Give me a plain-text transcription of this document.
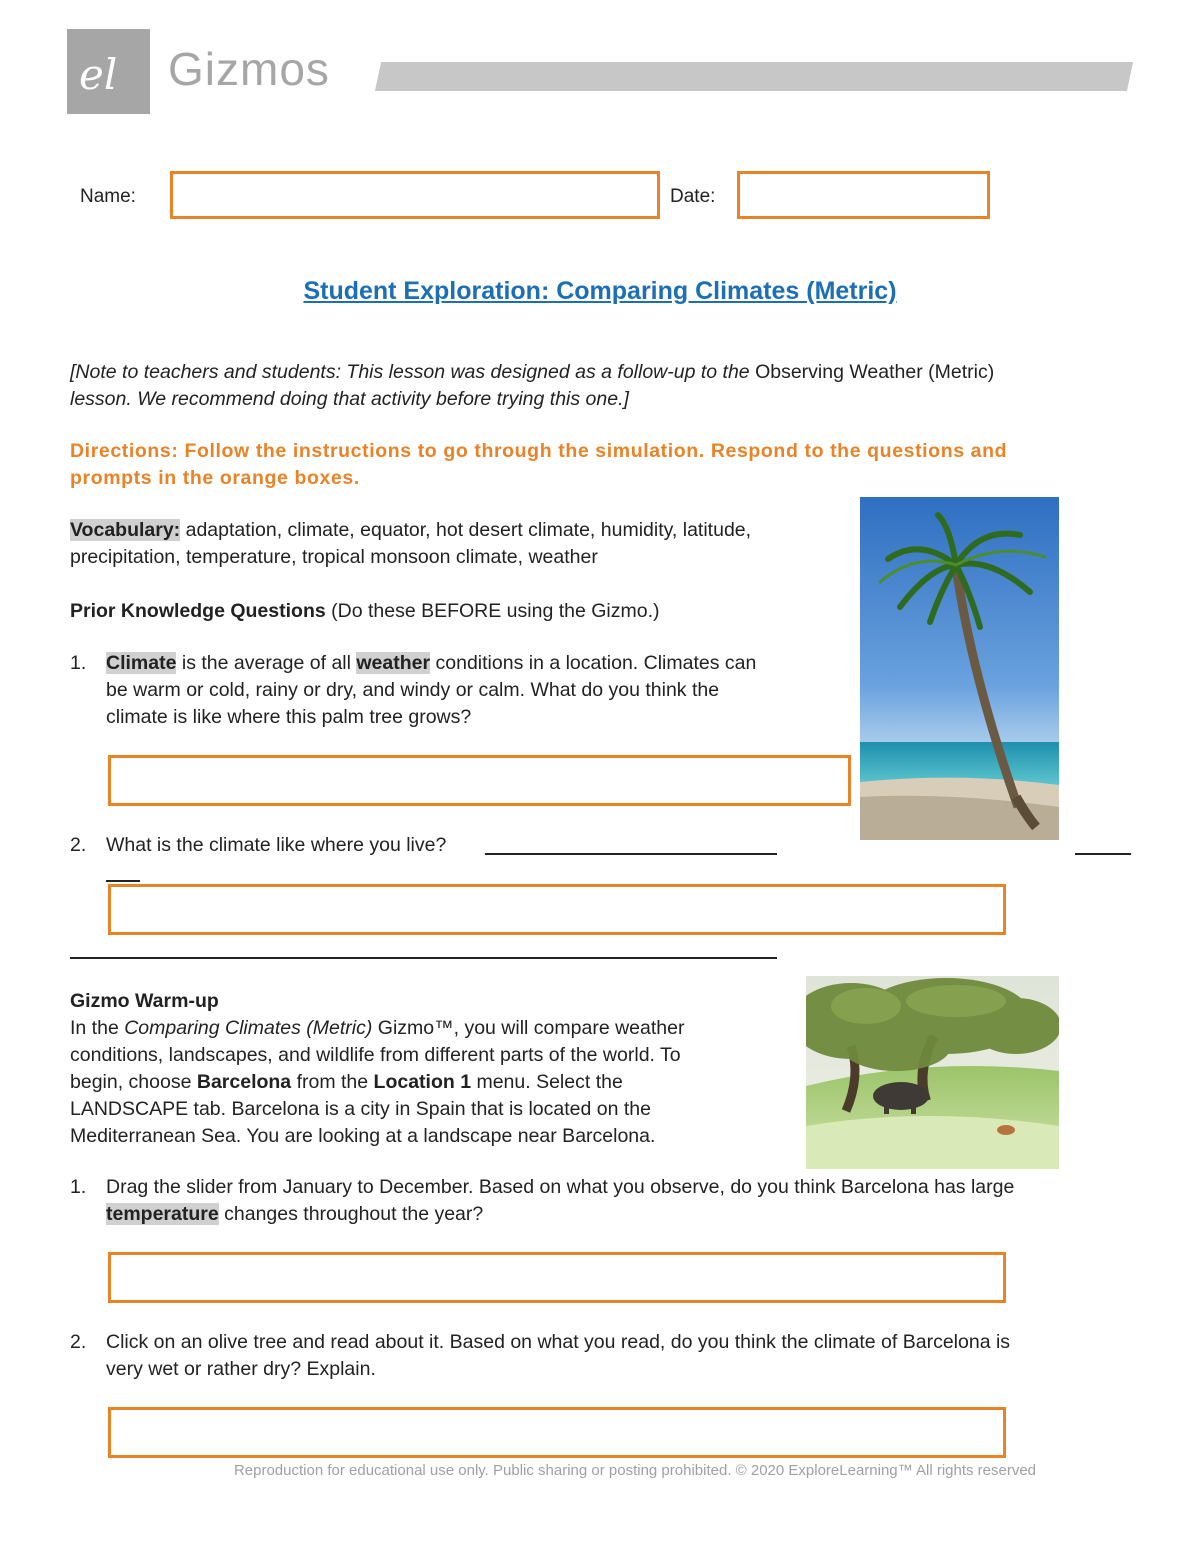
el Gizmos
Name:	Date:
Student Exploration: Comparing Climates (Metric)
[Note to teachers and students: This lesson was designed as a follow-up to the Observing Weather (Metric)
lesson. We recommend doing that activity before trying this one.]
Directions: Follow the instructions to go through the simulation. Respond to the questions and
prompts in the orange boxes.
Vocabulary: adaptation, climate, equator, hot desert climate, humidity, latitude,
precipitation, temperature, tropical monsoon climate, weather
Prior Knowledge Questions (Do these BEFORE using the Gizmo.)
1.	Climate is the average of all weather conditions in a location. Climates can
be warm or cold, rainy or dry, and windy or calm. What do you think the
climate is like where this palm tree grows?
2.	What is the climate like where you live?
Gizmo Warm-up
In the Comparing Climates (Metric) Gizmo™, you will compare weather
conditions, landscapes, and wildlife from different parts of the world. To
begin, choose Barcelona from the Location 1 menu. Select the
LANDSCAPE tab. Barcelona is a city in Spain that is located on the
Mediterranean Sea. You are looking at a landscape near Barcelona.
1.	Drag the slider from January to December. Based on what you observe, do you think Barcelona has large
temperature changes throughout the year?
2.	Click on an olive tree and read about it. Based on what you read, do you think the climate of Barcelona is
very wet or rather dry? Explain.
Reproduction for educational use only. Public sharing or posting prohibited. © 2020 ExploreLearning™ All rights reserved
